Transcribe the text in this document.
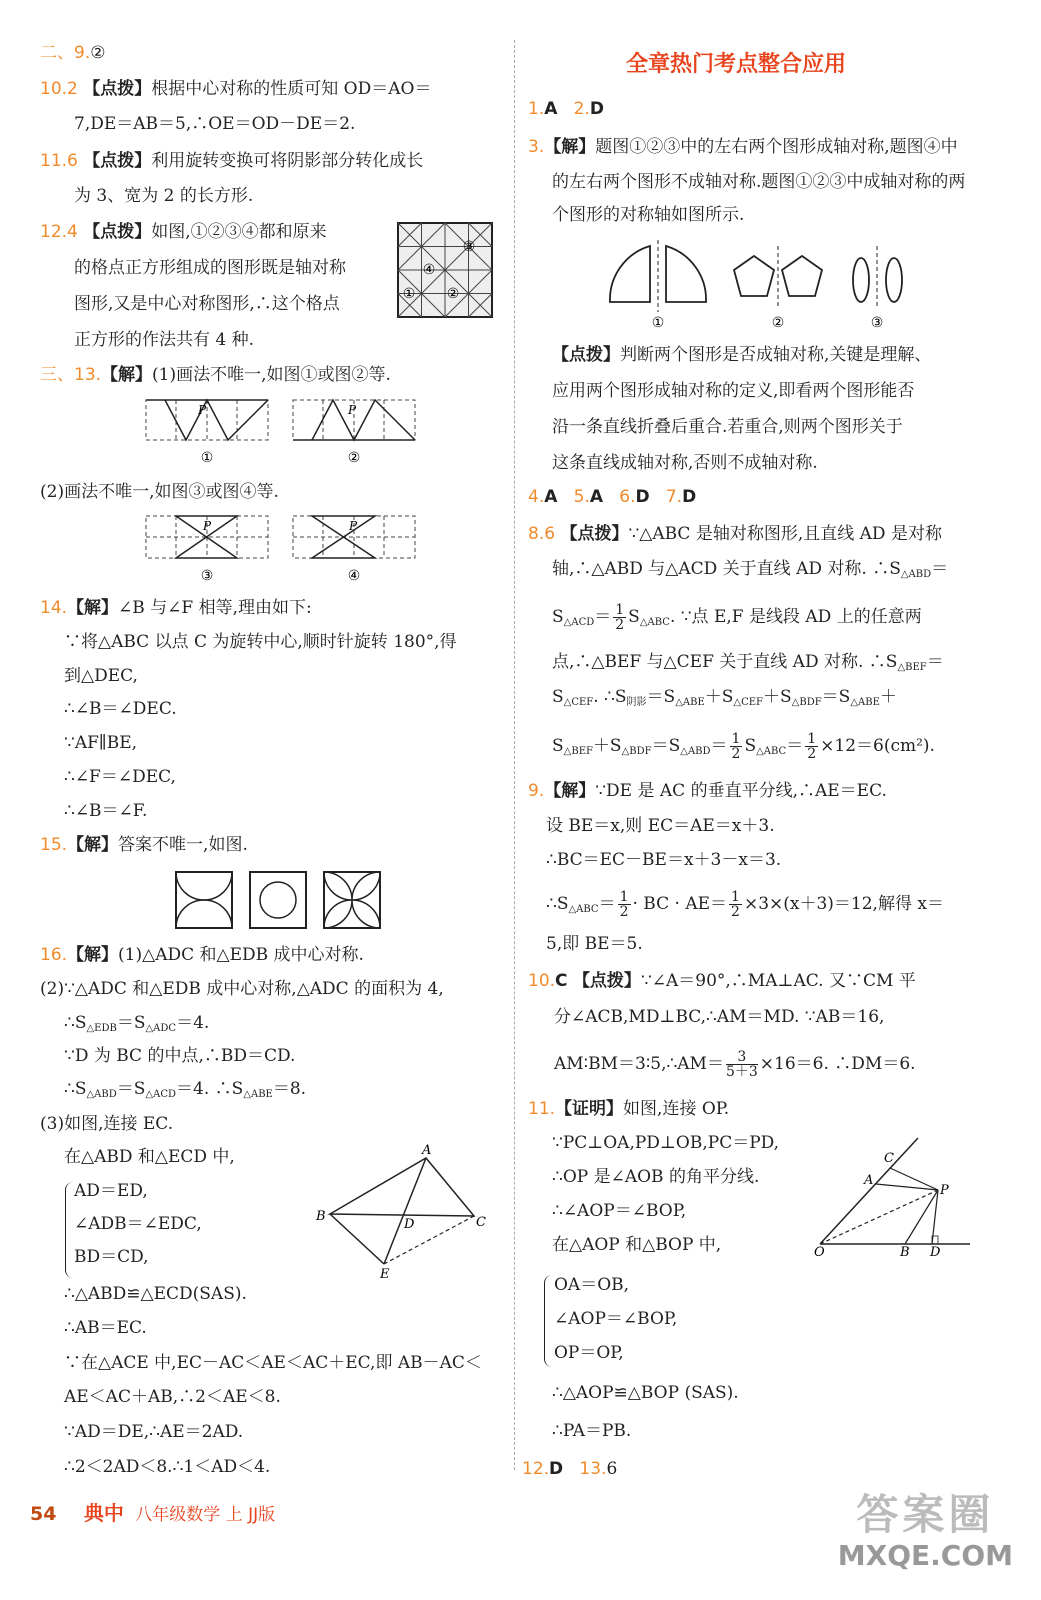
二、9.②
10.2 【点拨】根据中心对称的性质可知 OD＝AO＝
7,DE＝AB＝5,∴OE＝OD－DE＝2.
11.6 【点拨】利用旋转变换可将阴影部分转化成长
为 3、宽为 2 的长方形.
12.4 【点拨】如图,①②③④都和原来
的格点正方形组成的图形既是轴对称
图形,又是中心对称图形,∴这个格点
正方形的作法共有 4 种.
③
④
① ②
三、13.【解】(1)画法不唯一,如图①或图②等.
P
①
P
②
(2)画法不唯一,如图③或图④等.
P
③
P
④
14.【解】∠B 与∠F 相等,理由如下:
∵将△ABC 以点 C 为旋转中心,顺时针旋转 180°,得
到△DEC,
∴∠B＝∠DEC.
∵AF∥BE,
∴∠F＝∠DEC,
∴∠B＝∠F.
15.【解】答案不唯一,如图.
16.【解】(1)△ADC 和△EDB 成中心对称.
(2)∵△ADC 和△EDB 成中心对称,△ADC 的面积为 4,
$\therefore S_{\triangle EDB}=S_{\triangle ADC}=4$.
∵D 为 BC 的中点,∴BD＝CD.
$\therefore S_{\triangle ABD}=S_{\triangle ACD}=4$. $\therefore S_{\triangle ABE}=8$.
(3)如图,连接 EC.
在△ABD 和△ECD 中,
AD＝ED,
∠ADB＝∠EDC,
BD＝CD,
A
B	C
D
E
∴△ABD≌△ECD(SAS).
∴AB＝EC.
∵在△ACE 中,EC－AC＜AE＜AC＋EC,即 AB－AC＜
AE＜AC＋AB,∴2＜AE＜8.
∵AD＝DE,∴AE＝2AD.
∴2＜2AD＜8.∴1＜AD＜4.
全章热门考点整合应用
1.A 2.D
3.【解】题图①②③中的左右两个图形成轴对称,题图④中
的左右两个图形不成轴对称.题图①②③中成轴对称的两
个图形的对称轴如图所示.
①	②	③
【点拨】判断两个图形是否成轴对称,关键是理解、
应用两个图形成轴对称的定义,即看两个图形能否
沿一条直线折叠后重合.若重合,则两个图形关于
这条直线成轴对称,否则不成轴对称.
4.A 5.A 6.D 7.D
8.6 【点拨】∵△ABC 是轴对称图形,且直线 AD 是对称
轴,∴△ABD 与△ACD 关于直线 AD 对称. $\therefore S_{\triangle ABD}=$
$S_{\triangle ACD}= \frac{1}{2} S_{\triangle ABC}$. ∵点 E,F 是线段 AD 上的任意两
点,∴△BEF 与△CEF 关于直线 AD 对称. $\therefore S_{\triangle BEF}=$
$S_{\triangle CEF}$. $\therefore S_{阴影}=S_{\triangle ABE}+S_{\triangle CEF}+S_{\triangle BDF}=S_{\triangle ABE}+$
$S_{\triangle BEF}+S_{\triangle BDF}=S_{\triangle ABD}= \frac{1}{2} S_{\triangle ABC}= \frac{1}{2} \times 12=6(cm^2)$.
9.【解】∵DE 是 AC 的垂直平分线,∴AE＝EC.
设 BE＝x,则 EC＝AE＝x＋3.
∴BC＝EC－BE＝x＋3－x＝3.
$\therefore S_{\triangle ABC}= \frac{1}{2}$ · BC · $AE= \frac{1}{2} \times 3\times(x+3)=12$,解得 x＝
5,即 BE＝5.
10.C 【点拨】∵∠A＝90°,∴MA⊥AC. 又∵CM 平
分∠ACB,MD⊥BC,∴AM＝MD. ∵AB＝16,
AM∶BM＝3∶5,∴AM＝ $\frac{3}{5+3} \times 16=6$. ∴DM＝6.
11.【证明】如图,连接 OP.
∵PC⊥OA,PD⊥OB,PC＝PD,
∴OP 是∠AOB 的角平分线.
∴∠AOP＝∠BOP,
在△AOP 和△BOP 中,	O
A
B
C
D
P
OA＝OB,
∠AOP＝∠BOP,
OP＝OP,
∴△AOP≌△BOP (SAS).
∴PA＝PB.
12.D 13.6
54 典中 八年级数学 上 JJ版	答案圈
MXQE.COM
